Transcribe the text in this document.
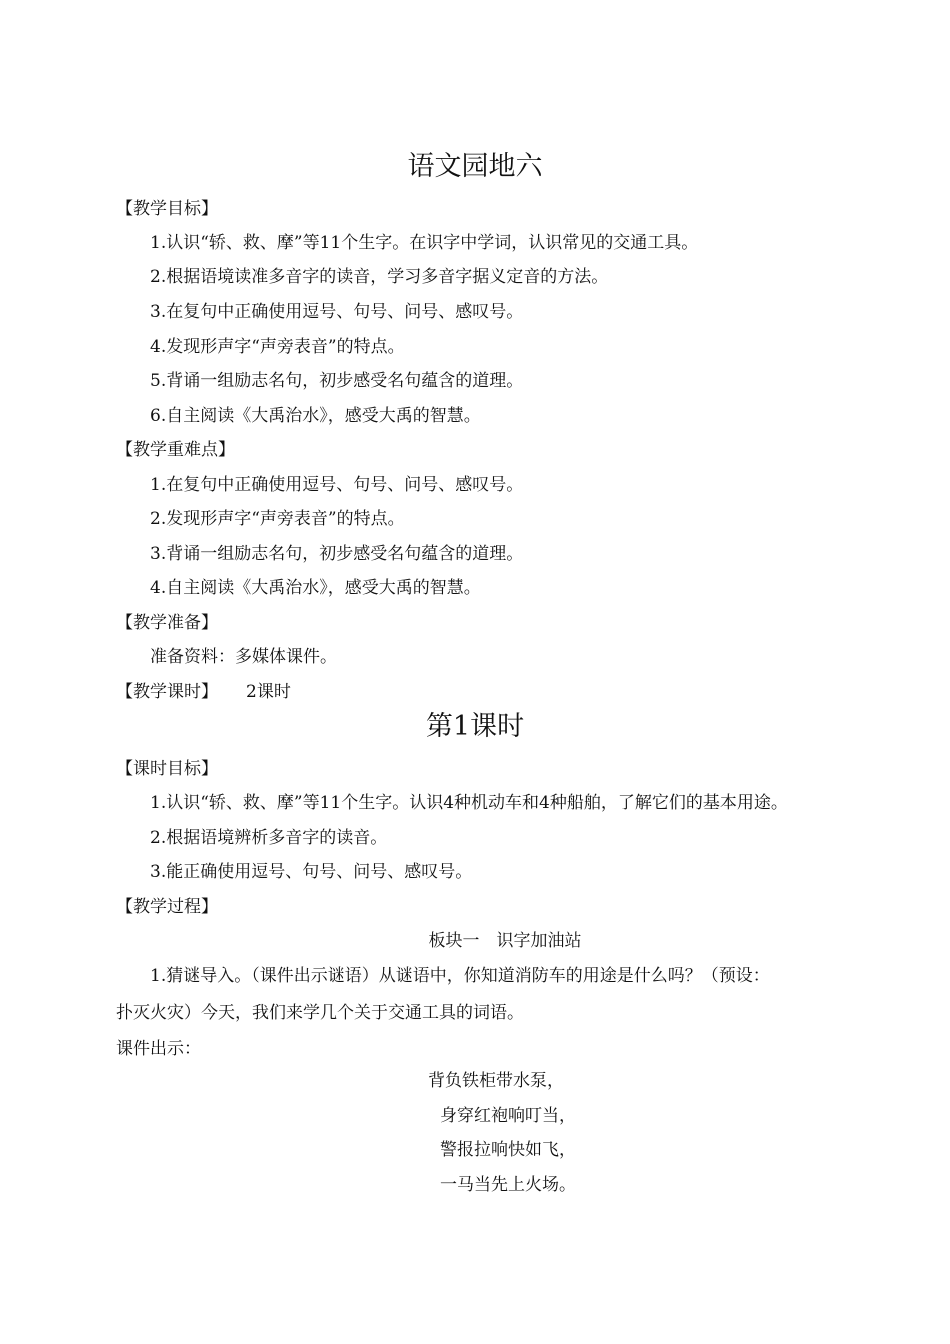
语文园地六
【教学目标】
1.认识“轿、救、摩”等11个生字。在识字中学词，认识常见的交通工具。
2.根据语境读准多音字的读音，学习多音字据义定音的方法。
3.在复句中正确使用逗号、句号、问号、感叹号。
4.发现形声字“声旁表音”的特点。
5.背诵一组励志名句，初步感受名句蕴含的道理。
6.自主阅读《大禹治水》，感受大禹的智慧。
【教学重难点】
1.在复句中正确使用逗号、句号、问号、感叹号。
2.发现形声字“声旁表音”的特点。
3.背诵一组励志名句，初步感受名句蕴含的道理。
4.自主阅读《大禹治水》，感受大禹的智慧。
【教学准备】
准备资料：多媒体课件。
【教学课时】 2课时
第1课时
【课时目标】
1.认识“轿、救、摩”等11个生字。认识4种机动车和4种船舶，了解它们的基本用途。
2.根据语境辨析多音字的读音。
3.能正确使用逗号、句号、问号、感叹号。
【教学过程】
板块一　识字加油站
1.猜谜导入。（课件出示谜语）从谜语中，你知道消防车的用途是什么吗？（预设：
扑灭火灾）今天，我们来学几个关于交通工具的词语。
课件出示：
背负铁柜带水泵，
身穿红袍响叮当，
警报拉响快如飞，
一马当先上火场。
